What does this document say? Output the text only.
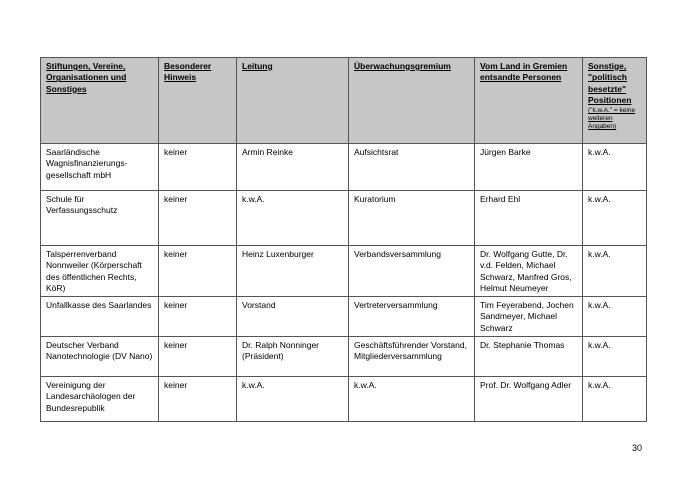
Stiftungen, Vereine, Organisationen und Sonstiges	Besonderer Hinweis	Leitung	Überwachungsgremium	Vom Land in Gremien entsandte Personen	Sonstige, "politisch besetzte" Positionen
("k.w.A." = keine weiteren Angaben)

Saarländische Wagnisfinanzierungs-gesellschaft mbH	keiner	Armin Reinke	Aufsichtsrat	Jürgen Barke	k.w.A.
Schule für Verfassungsschutz	keiner	k.w.A.	Kuratorium	Erhard Ehl	k.w.A.
Talsperrenverband Nonnweiler (Körperschaft des öffentlichen Rechts, KöR)	keiner	Heinz Luxenburger	Verbandsversammlung	Dr. Wolfgang Gutte, Dr. v.d. Felden, Michael Schwarz, Manfred Gros, Helmut Neumeyer	k.w.A.
Unfallkasse des Saarlandes	keiner	Vorstand	Vertreterversammlung	Tim Feyerabend, Jochen Sandmeyer, Michael Schwarz	k.w.A.
Deutscher Verband Nanotechnologie (DV Nano)	keiner	Dr. Ralph Nonninger (Präsident)	Geschäftsführender Vorstand, Mitgliederversammlung	Dr. Stephanie Thomas	k.w.A.
Vereinigung der Landesarchäologen der Bundesrepublik	keiner	k.w.A.	k.w.A.	Prof. Dr. Wolfgang Adler	k.w.A.
30
